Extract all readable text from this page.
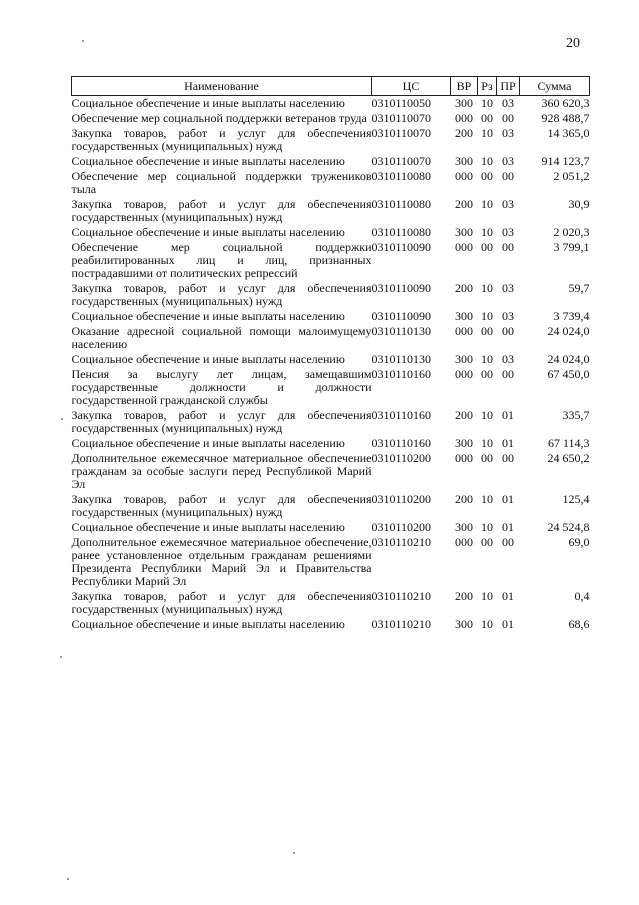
20
Наименование	ЦС	ВР	Рз	ПР	Сумма
Социальное обеспечение и иные выплаты населению	0310110050	300	10	03	360 620,3
Обеспечение мер социальной поддержки ветеранов труда	0310110070	000	00	00	928 488,7
Закупка товаров, работ и услуг для обеспечения государственных (муниципальных) нужд	0310110070	200	10	03	14 365,0
Социальное обеспечение и иные выплаты населению	0310110070	300	10	03	914 123,7
Обеспечение мер социальной поддержки тружеников тыла	0310110080	000	00	00	2 051,2
Закупка товаров, работ и услуг для обеспечения государственных (муниципальных) нужд	0310110080	200	10	03	30,9
Социальное обеспечение и иные выплаты населению	0310110080	300	10	03	2 020,3
Обеспечение мер социальной поддержки реабилитированных лиц и лиц, признанных пострадавшими от политических репрессий	0310110090	000	00	00	3 799,1
Закупка товаров, работ и услуг для обеспечения государственных (муниципальных) нужд	0310110090	200	10	03	59,7
Социальное обеспечение и иные выплаты населению	0310110090	300	10	03	3 739,4
Оказание адресной социальной помощи малоимущему населению	0310110130	000	00	00	24 024,0
Социальное обеспечение и иные выплаты населению	0310110130	300	10	03	24 024,0
Пенсия за выслугу лет лицам, замещавшим государственные должности и должности государственной гражданской службы	0310110160	000	00	00	67 450,0
Закупка товаров, работ и услуг для обеспечения государственных (муниципальных) нужд	0310110160	200	10	01	335,7
Социальное обеспечение и иные выплаты населению	0310110160	300	10	01	67 114,3
Дополнительное ежемесячное материальное обеспечение гражданам за особые заслуги перед Республикой Марий Эл	0310110200	000	00	00	24 650,2
Закупка товаров, работ и услуг для обеспечения государственных (муниципальных) нужд	0310110200	200	10	01	125,4
Социальное обеспечение и иные выплаты населению	0310110200	300	10	01	24 524,8
Дополнительное ежемесячное материальное обеспечение, ранее установленное отдельным гражданам решениями Президента Республики Марий Эл и Правительства Республики Марий Эл	0310110210	000	00	00	69,0
Закупка товаров, работ и услуг для обеспечения государственных (муниципальных) нужд	0310110210	200	10	01	0,4
Социальное обеспечение и иные выплаты населению	0310110210	300	10	01	68,6
